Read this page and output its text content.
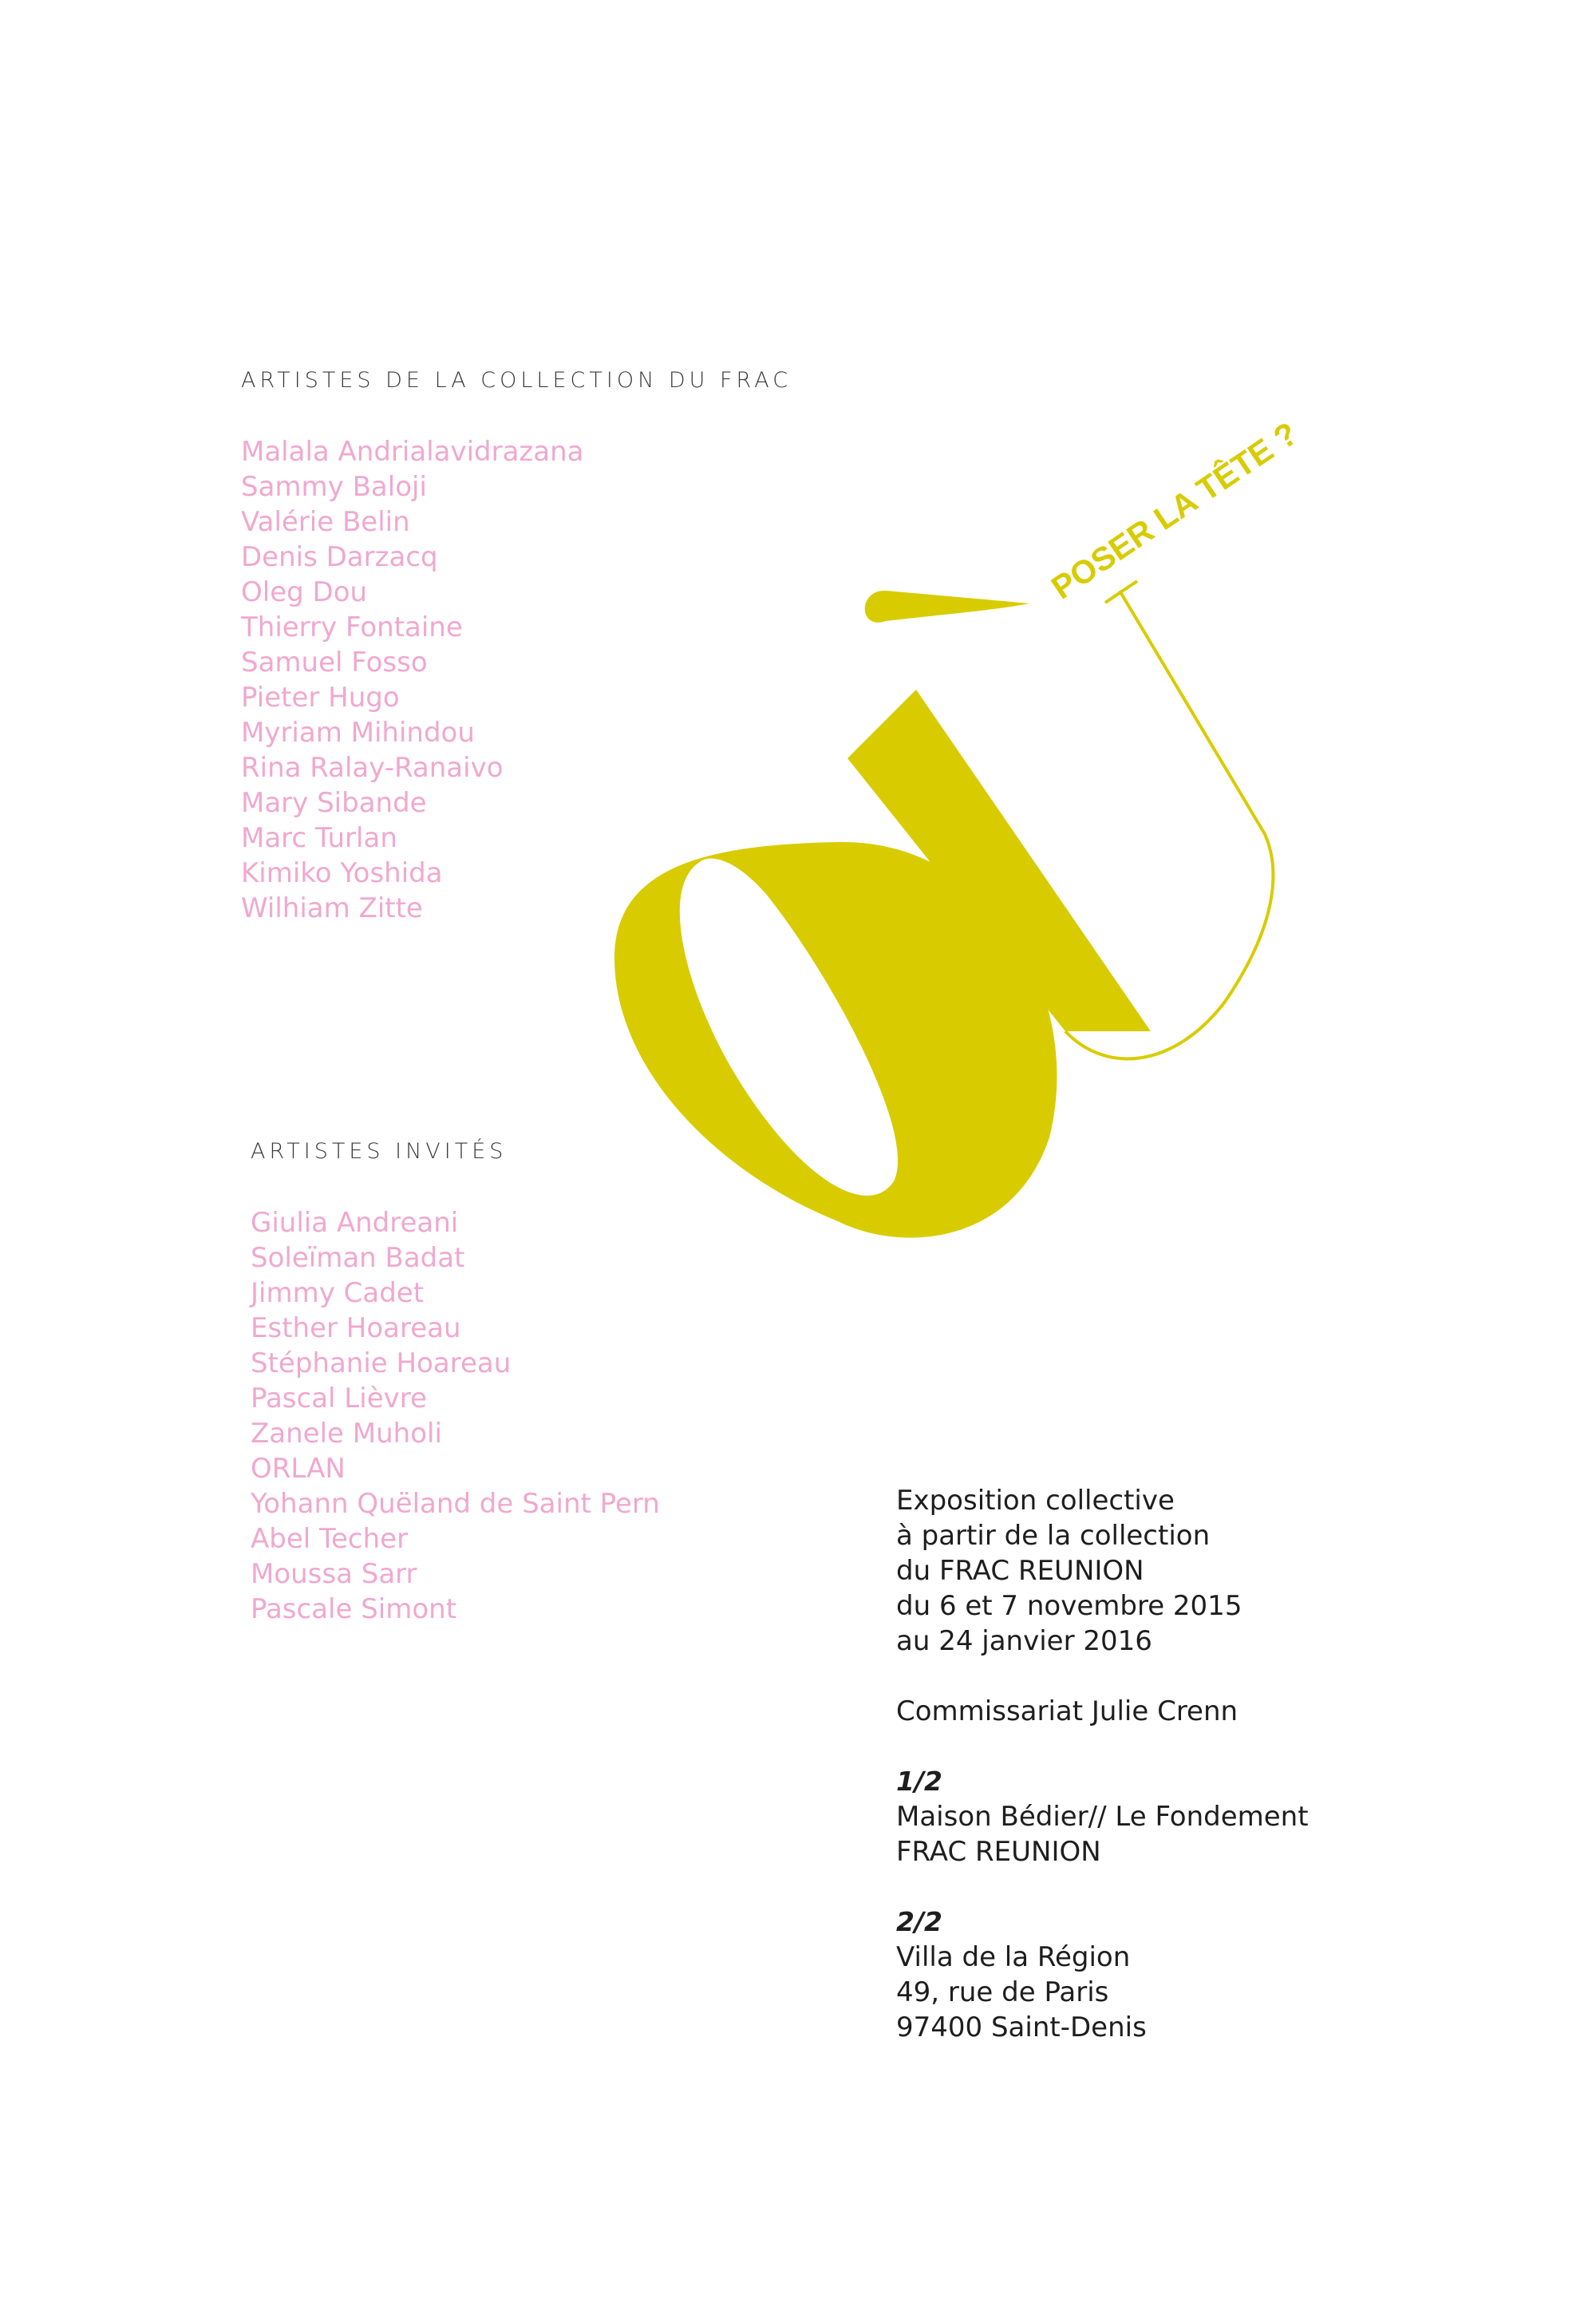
ARTISTES DE LA COLLECTION DU FRAC
Malala Andrialavidrazana
Sammy Baloji
Valérie Belin
Denis Darzacq
Oleg Dou
Thierry Fontaine
Samuel Fosso
Pieter Hugo
Myriam Mihindou
Rina Ralay-Ranaivo
Mary Sibande
Marc Turlan
Kimiko Yoshida
Wilhiam Zitte
ARTISTES INVITÉS
Giulia Andreani
Soleïman Badat
Jimmy Cadet
Esther Hoareau
Stéphanie Hoareau
Pascal Lièvre
Zanele Muholi
ORLAN
Yohann Quëland de Saint Pern
Abel Techer
Moussa Sarr
Pascale Simont
POSER LA TÊTE ?
Exposition collective
à partir de la collection
du FRAC REUNION
du 6 et 7 novembre 2015
au 24 janvier 2016
Commissariat Julie Crenn
1/2
Maison Bédier// Le Fondement
FRAC REUNION
2/2
Villa de la Région
49, rue de Paris
97400 Saint-Denis
